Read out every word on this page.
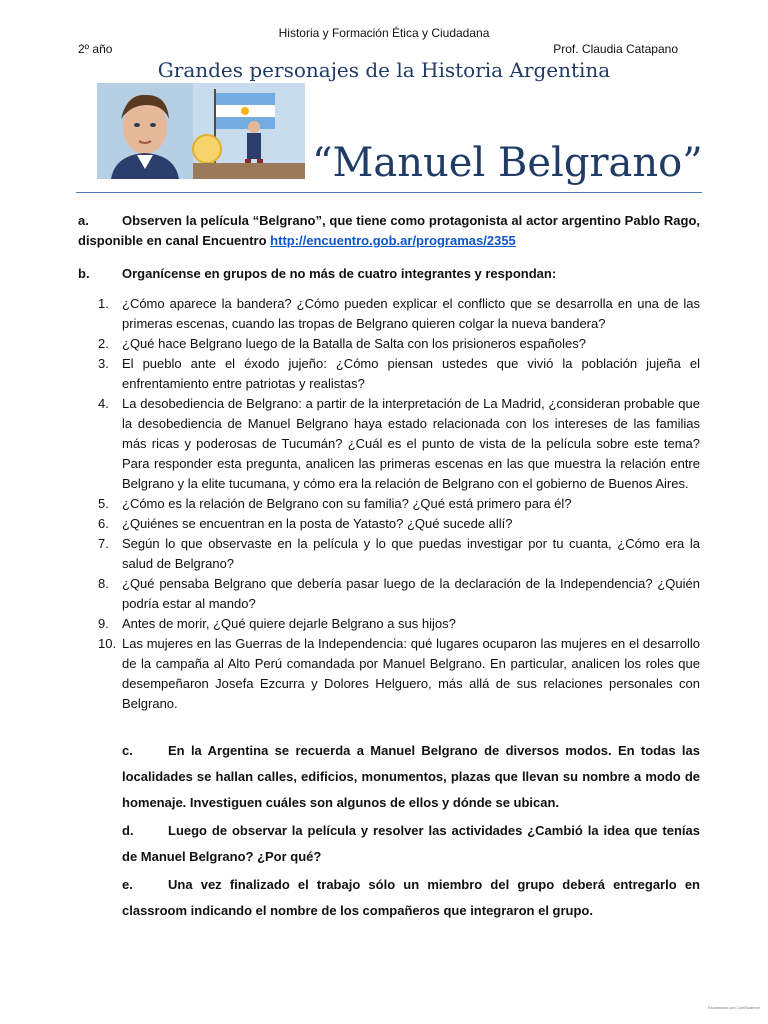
Historia y Formación Ética y Ciudadana
2º año	Prof. Claudia Catapano
Grandes personajes de la Historia Argentina
“Manuel Belgrano”
a.	Observen la película “Belgrano”, que tiene como protagonista al actor argentino Pablo Rago, disponible en canal Encuentro http://encuentro.gob.ar/programas/2355
b. Organícense en grupos de no más de cuatro integrantes y respondan:
1. ¿Cómo aparece la bandera? ¿Cómo pueden explicar el conflicto que se desarrolla en una de las primeras escenas, cuando las tropas de Belgrano quieren colgar la nueva bandera?
2. ¿Qué hace Belgrano luego de la Batalla de Salta con los prisioneros españoles?
3. El pueblo ante el éxodo jujeño: ¿Cómo piensan ustedes que vivió la población jujeña el enfrentamiento entre patriotas y realistas?
4. La desobediencia de Belgrano: a partir de la interpretación de La Madrid, ¿consideran probable que la desobediencia de Manuel Belgrano haya estado relacionada con los intereses de las familias más ricas y poderosas de Tucumán? ¿Cuál es el punto de vista de la película sobre este tema? Para responder esta pregunta, analicen las primeras escenas en las que muestra la relación entre Belgrano y la elite tucumana, y cómo era la relación de Belgrano con el gobierno de Buenos Aires.
5. ¿Cómo es la relación de Belgrano con su familia? ¿Qué está primero para él?
6. ¿Quiénes se encuentran en la posta de Yatasto? ¿Qué sucede allí?
7. Según lo que observaste en la película y lo que puedas investigar por tu cuanta, ¿Cómo era la salud de Belgrano?
8. ¿Qué pensaba Belgrano que debería pasar luego de la declaración de la Independencia? ¿Quién podría estar al mando?
9. Antes de morir, ¿Qué quiere dejarle Belgrano a sus hijos?
10. Las mujeres en las Guerras de la Independencia: qué lugares ocuparon las mujeres en el desarrollo de la campaña al Alto Perú comandada por Manuel Belgrano. En particular, analicen los roles que desempeñaron Josefa Ezcurra y Dolores Helguero, más allá de sus relaciones personales con Belgrano.
c.	En la Argentina se recuerda a Manuel Belgrano de diversos modos. En todas las localidades se hallan calles, edificios, monumentos, plazas que llevan su nombre a modo de homenaje. Investiguen cuáles son algunos de ellos y dónde se ubican.
d.	Luego de observar la película y resolver las actividades ¿Cambió la idea que tenías de Manuel Belgrano? ¿Por qué?
e.	Una vez finalizado el trabajo sólo un miembro del grupo deberá entregarlo en classroom indicando el nombre de los compañeros que integraron el grupo.
Escaneado con CamScanner
